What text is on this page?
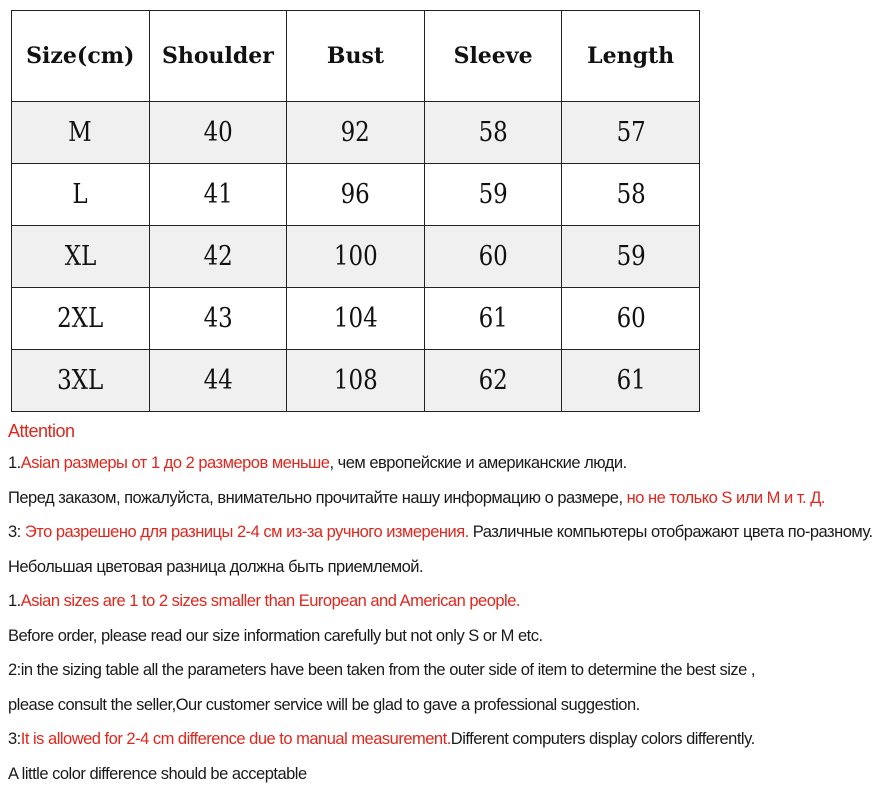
Size(cm)	Shoulder	Bust	Sleeve	Length
M	40	92	58	57
L	41	96	59	58
XL	42	100	60	59
2XL	43	104	61	60
3XL	44	108	62	61
Attention
1.Asian размеры от 1 до 2 размеров меньше, чем европейские и американские люди.
Перед заказом, пожалуйста, внимательно прочитайте нашу информацию о размере, но не только S или M и т. Д.
3: Это разрешено для разницы 2-4 см из-за ручного измерения. Различные компьютеры отображают цвета по-разному.
Небольшая цветовая разница должна быть приемлемой.
1.Asian sizes are 1 to 2 sizes smaller than European and American people.
Before order, please read our size information carefully but not only S or M etc.
2:in the sizing table all the parameters have been taken from the outer side of item to determine the best size ,
please consult the seller,Our customer service will be glad to gave a professional suggestion.
3:It is allowed for 2-4 cm difference due to manual measurement.Different computers display colors differently.
A little color difference should be acceptable
